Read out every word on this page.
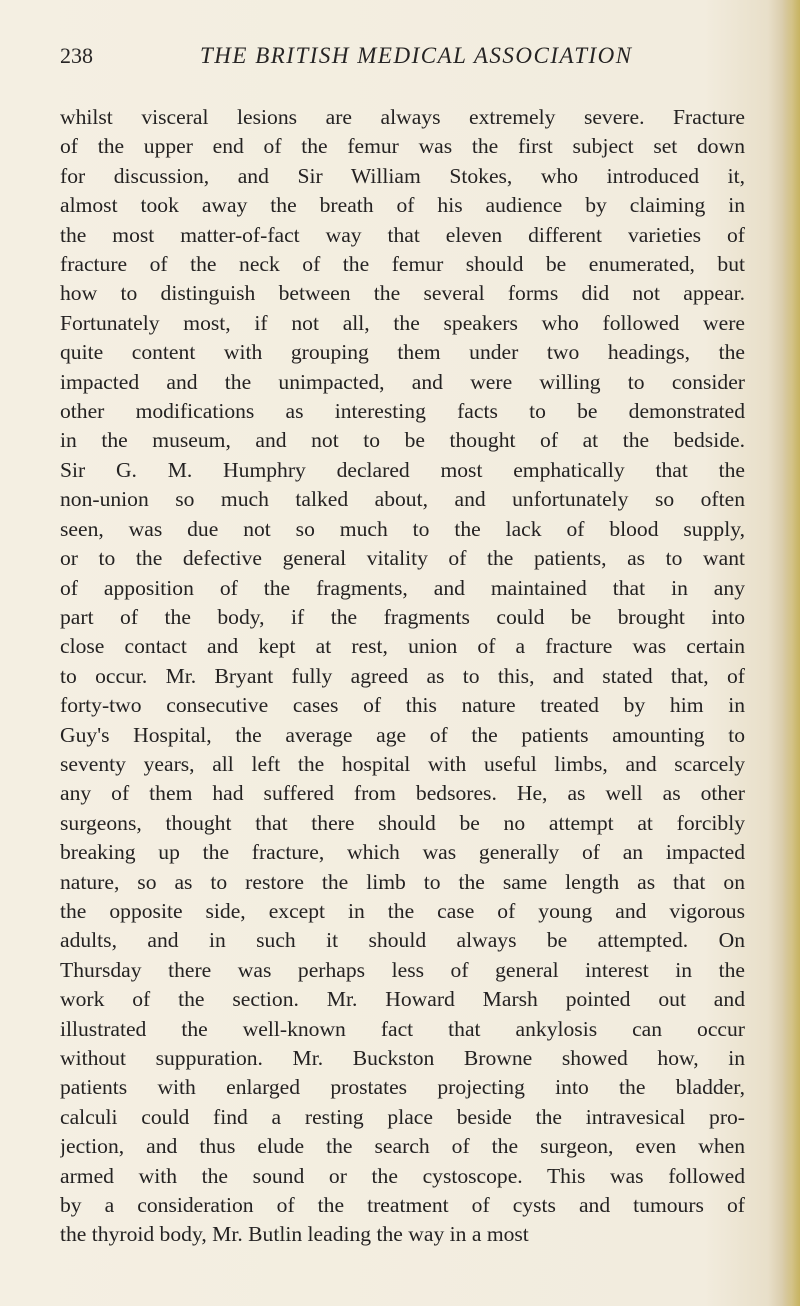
238	THE BRITISH MEDICAL ASSOCIATION
whilst visceral lesions are always extremely severe. Fracture
of the upper end of the femur was the first subject set down
for discussion, and Sir William Stokes, who introduced it,
almost took away the breath of his audience by claiming in
the most matter-of-fact way that eleven different varieties of
fracture of the neck of the femur should be enumerated, but
how to distinguish between the several forms did not appear.
Fortunately most, if not all, the speakers who followed were
quite content with grouping them under two headings, the
impacted and the unimpacted, and were willing to consider
other modifications as interesting facts to be demonstrated
in the museum, and not to be thought of at the bedside.
Sir G. M. Humphry declared most emphatically that the
non-union so much talked about, and unfortunately so often
seen, was due not so much to the lack of blood supply,
or to the defective general vitality of the patients, as to want
of apposition of the fragments, and maintained that in any
part of the body, if the fragments could be brought into
close contact and kept at rest, union of a fracture was certain
to occur. Mr. Bryant fully agreed as to this, and stated that, of
forty-two consecutive cases of this nature treated by him in
Guy's Hospital, the average age of the patients amounting to
seventy years, all left the hospital with useful limbs, and scarcely
any of them had suffered from bedsores. He, as well as other
surgeons, thought that there should be no attempt at forcibly
breaking up the fracture, which was generally of an impacted
nature, so as to restore the limb to the same length as that on
the opposite side, except in the case of young and vigorous
adults, and in such it should always be attempted. On
Thursday there was perhaps less of general interest in the
work of the section. Mr. Howard Marsh pointed out and
illustrated the well-known fact that ankylosis can occur
without suppuration. Mr. Buckston Browne showed how, in
patients with enlarged prostates projecting into the bladder,
calculi could find a resting place beside the intravesical pro-
jection, and thus elude the search of the surgeon, even when
armed with the sound or the cystoscope. This was followed
by a consideration of the treatment of cysts and tumours of
the thyroid body, Mr. Butlin leading the way in a most
